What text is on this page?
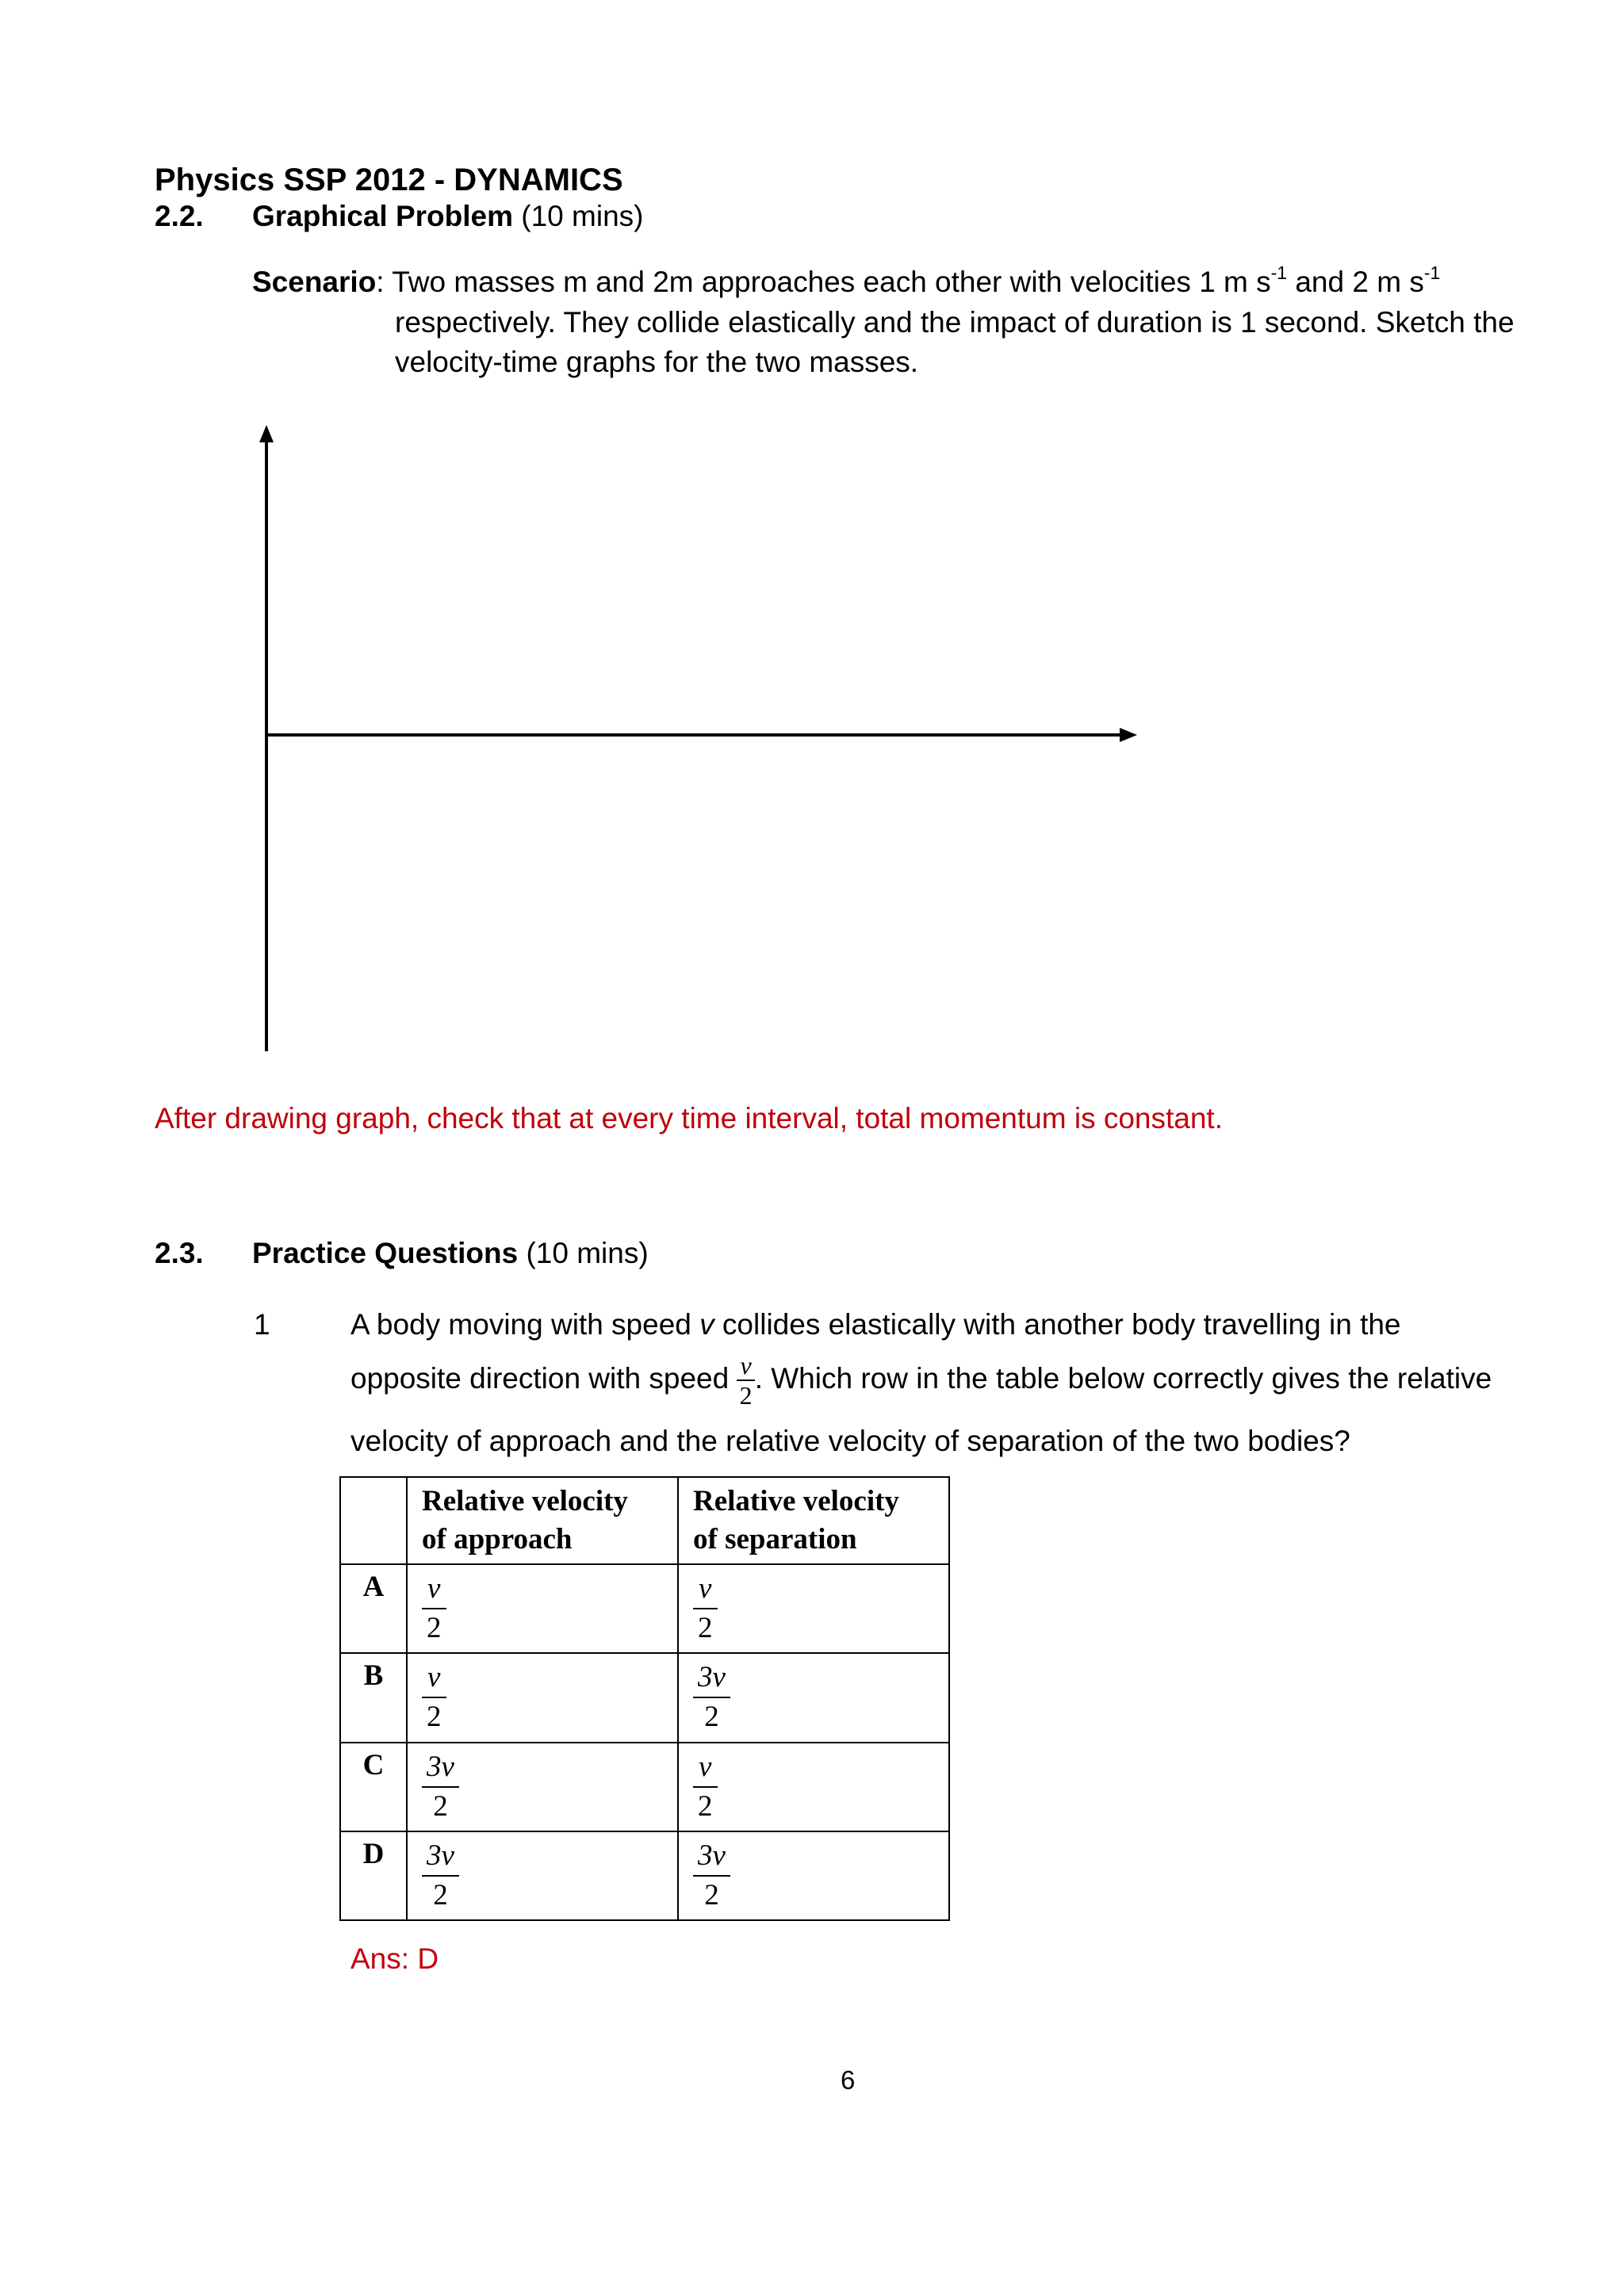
Physics SSP 2012 - DYNAMICS
2.2. Graphical Problem (10 mins)
Scenario: Two masses m and 2m approaches each other with velocities 1 m $s^{-1}$ and 2 m $s^{-1}$
respectively. They collide elastically and the impact of duration is 1 second. Sketch the
velocity-time graphs for the two masses.
After drawing graph, check that at every time interval, total momentum is constant.
2.3. Practice Questions (10 mins)
1	A body moving with speed v collides elastically with another body travelling in the
opposite direction with speed $\frac{v}{2}$ . Which row in the table below correctly gives the relative
velocity of approach and the relative velocity of separation of the two bodies?
	Relative velocity
of approach	Relative velocity
of separation
A	$\frac{v}{2}$	$\frac{v}{2}$

B	$\frac{v}{2}$	$\frac{3v}{2}$

C	$\frac{3v}{2}$	$\frac{v}{2}$

D	$\frac{3v}{2}$	$\frac{3v}{2}$
Ans: D
6
